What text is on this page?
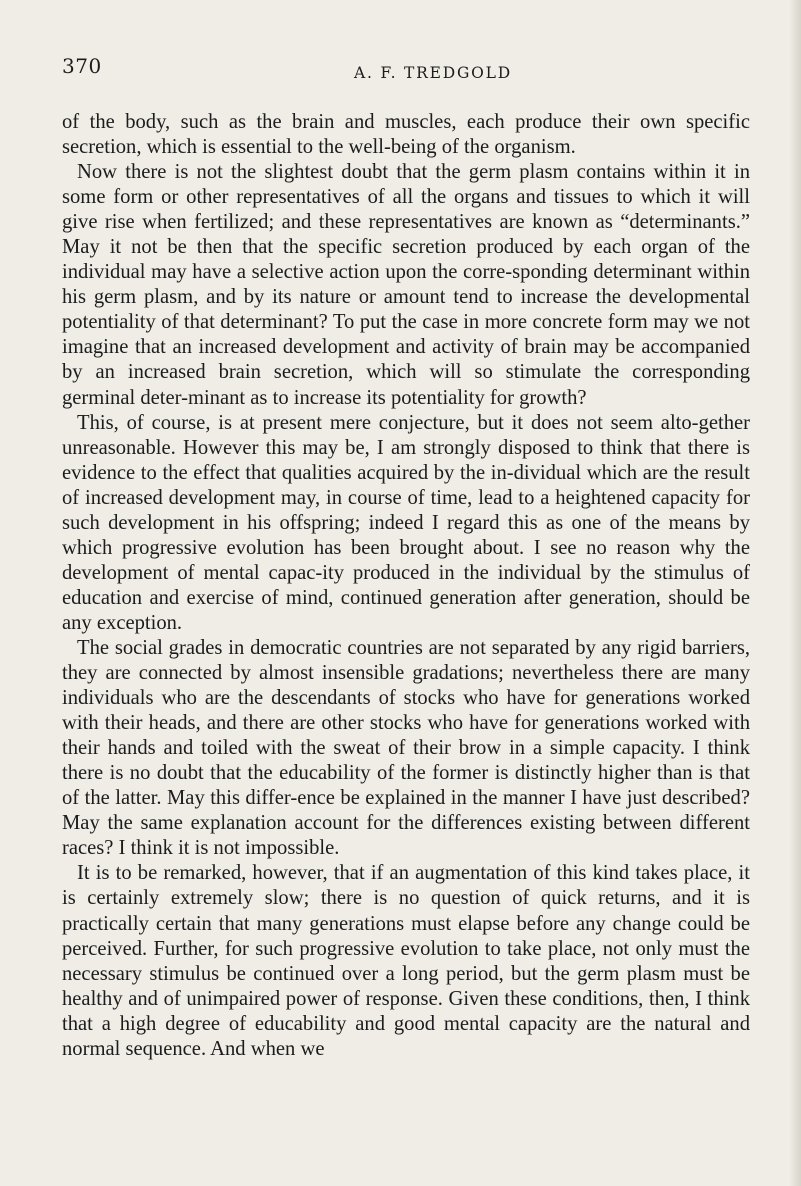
370	A. F. TREDGOLD

of the body, such as the brain and muscles, each produce their own specific secretion, which is essential to the well-being of the organism.

Now there is not the slightest doubt that the germ plasm contains within it in some form or other representatives of all the organs and tissues to which it will give rise when fertilized; and these representatives are known as “determinants.” May it not be then that the specific secretion produced by each organ of the individual may have a selective action upon the corre-sponding determinant within his germ plasm, and by its nature or amount tend to increase the developmental potentiality of that determinant? To put the case in more concrete form may we not imagine that an increased development and activity of brain may be accompanied by an increased brain secretion, which will so stimulate the corresponding germinal deter-minant as to increase its potentiality for growth?

This, of course, is at present mere conjecture, but it does not seem alto-gether unreasonable. However this may be, I am strongly disposed to think that there is evidence to the effect that qualities acquired by the in-dividual which are the result of increased development may, in course of time, lead to a heightened capacity for such development in his offspring; indeed I regard this as one of the means by which progressive evolution has been brought about. I see no reason why the development of mental capac-ity produced in the individual by the stimulus of education and exercise of mind, continued generation after generation, should be any exception.

The social grades in democratic countries are not separated by any rigid barriers, they are connected by almost insensible gradations; nevertheless there are many individuals who are the descendants of stocks who have for generations worked with their heads, and there are other stocks who have for generations worked with their hands and toiled with the sweat of their brow in a simple capacity. I think there is no doubt that the educability of the former is distinctly higher than is that of the latter. May this differ-ence be explained in the manner I have just described? May the same explanation account for the differences existing between different races? I think it is not impossible.

It is to be remarked, however, that if an augmentation of this kind takes place, it is certainly extremely slow; there is no question of quick returns, and it is practically certain that many generations must elapse before any change could be perceived. Further, for such progressive evolution to take place, not only must the necessary stimulus be continued over a long period, but the germ plasm must be healthy and of unimpaired power of response. Given these conditions, then, I think that a high degree of educability and good mental capacity are the natural and normal sequence. And when we
